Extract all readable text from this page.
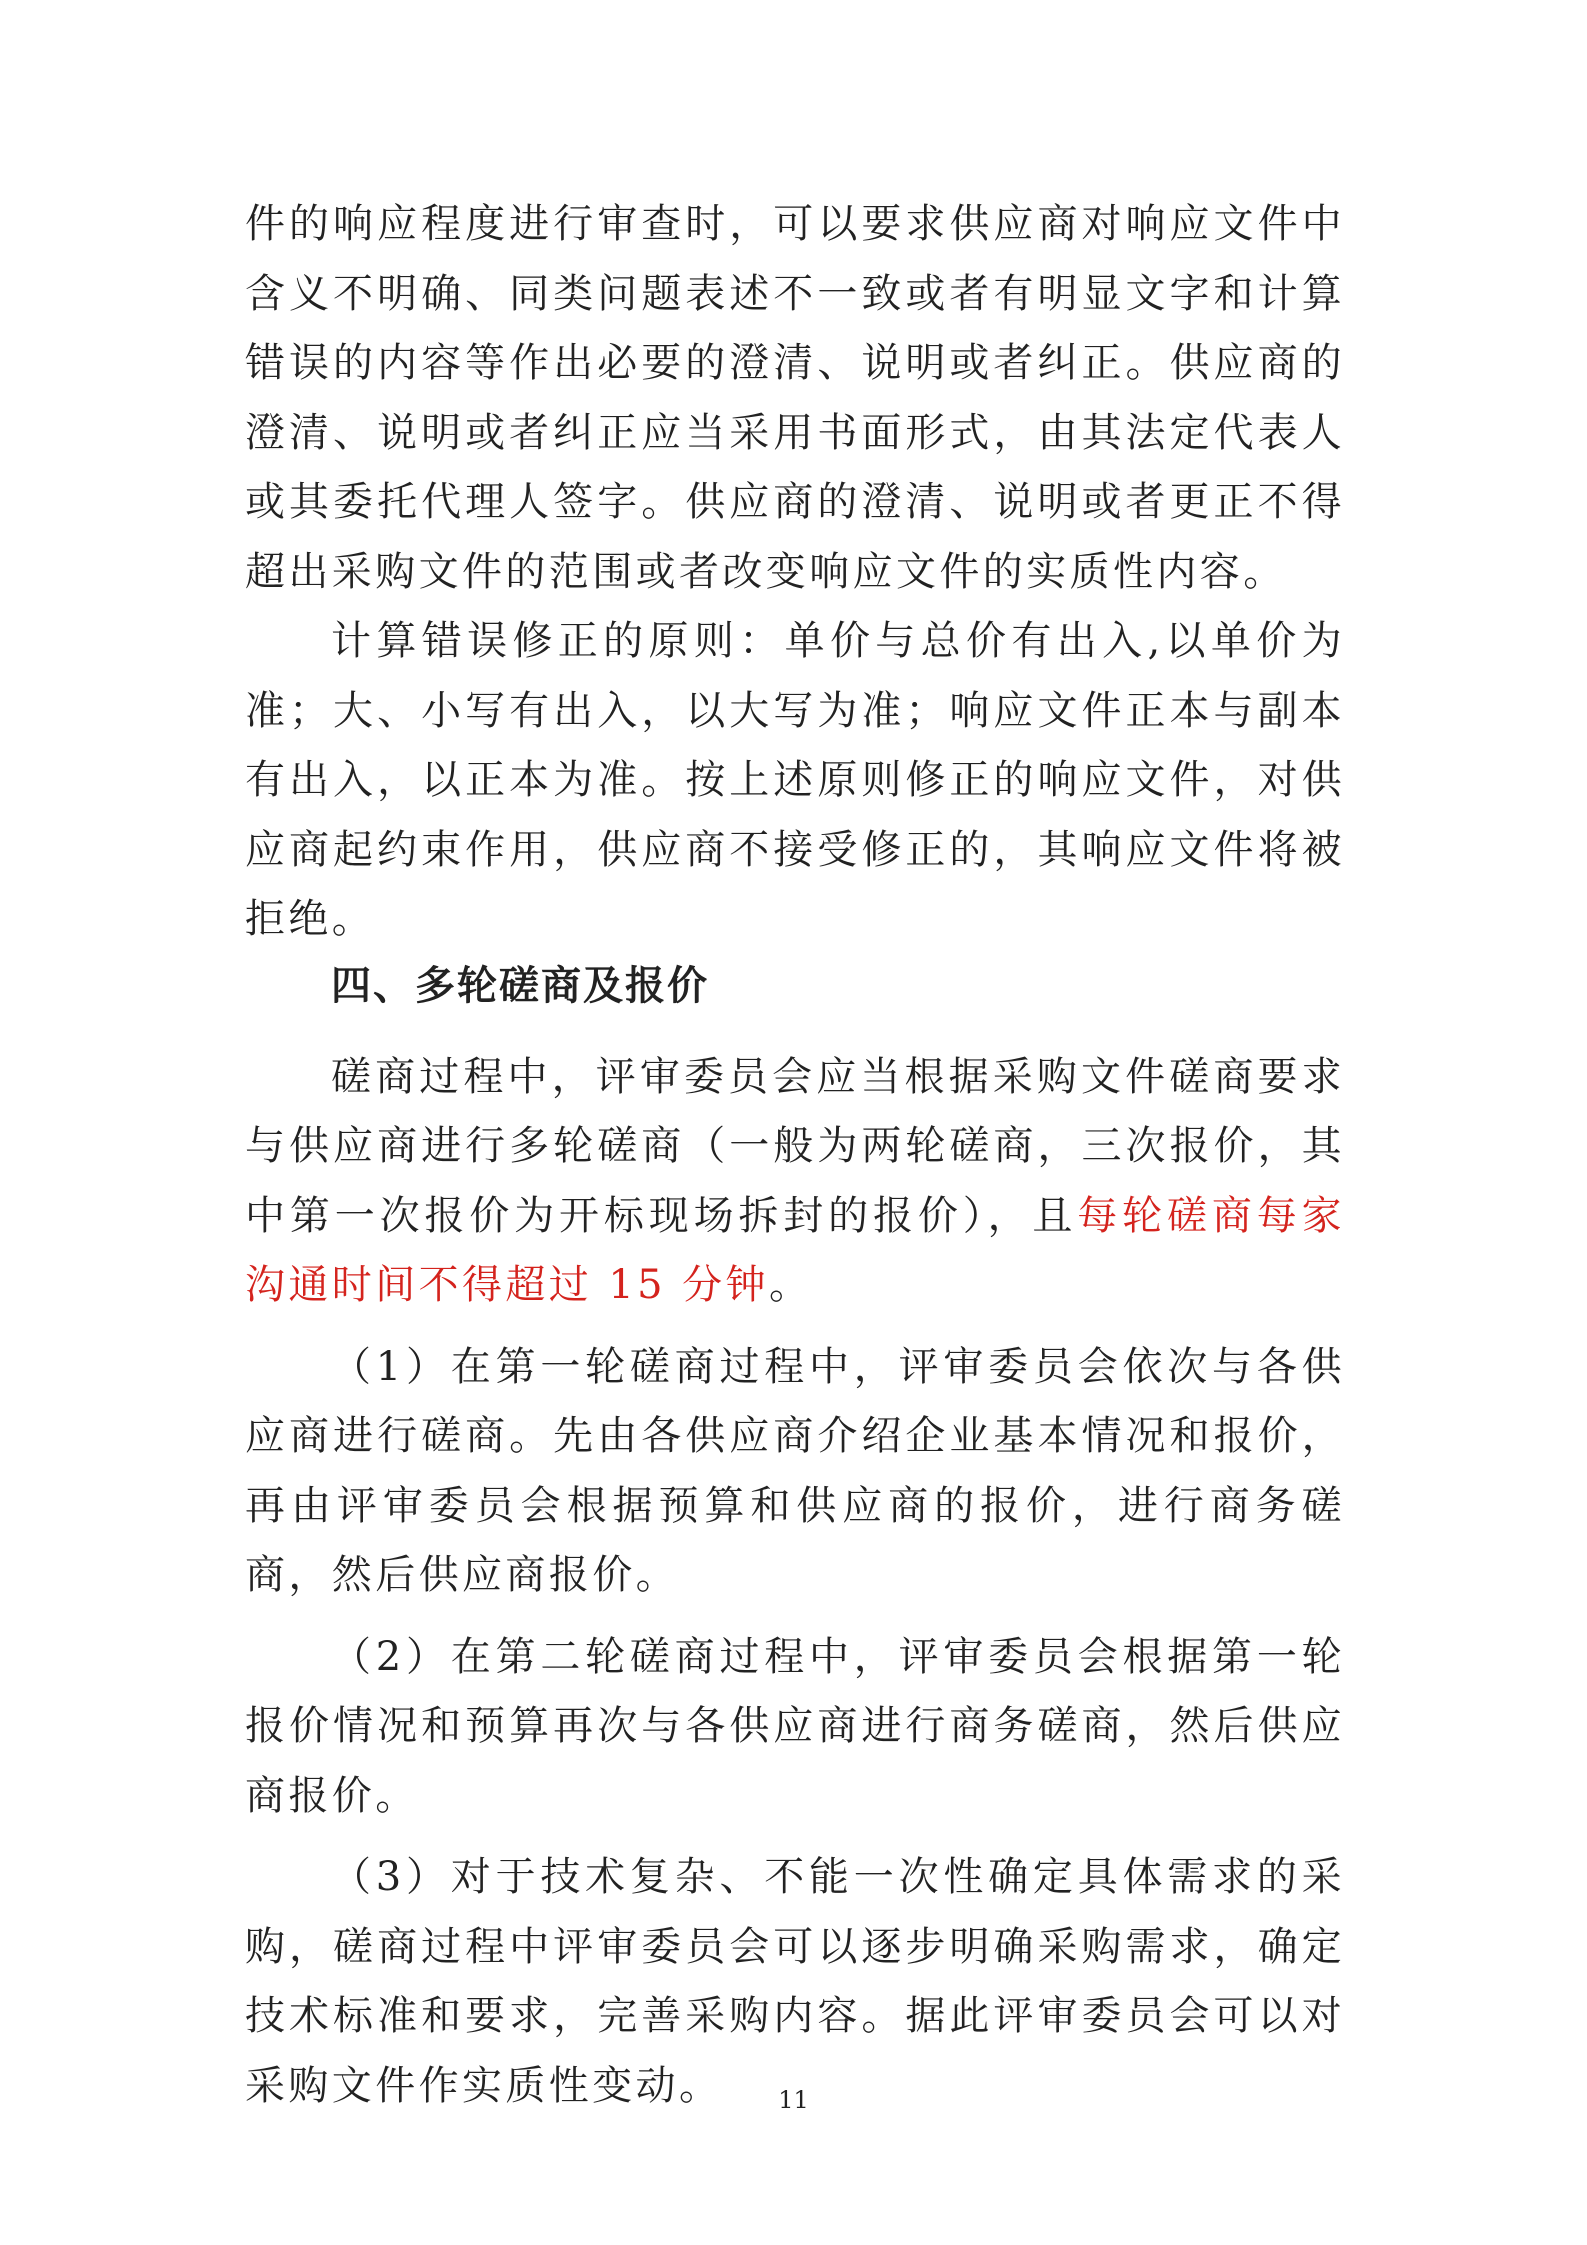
件的响应程度进行审查时，可以要求供应商对响应文件中含义不明确、同类问题表述不一致或者有明显文字和计算错误的内容等作出必要的澄清、说明或者纠正。供应商的澄清、说明或者纠正应当采用书面形式，由其法定代表人或其委托代理人签字。供应商的澄清、说明或者更正不得超出采购文件的范围或者改变响应文件的实质性内容。

计算错误修正的原则：单价与总价有出入,以单价为准；大、小写有出入，以大写为准；响应文件正本与副本有出入，以正本为准。按上述原则修正的响应文件，对供应商起约束作用，供应商不接受修正的，其响应文件将被拒绝。

四、多轮磋商及报价

磋商过程中，评审委员会应当根据采购文件磋商要求与供应商进行多轮磋商（一般为两轮磋商，三次报价，其中第一次报价为开标现场拆封的报价），且每轮磋商每家沟通时间不得超过 15 分钟。

（1）在第一轮磋商过程中，评审委员会依次与各供应商进行磋商。先由各供应商介绍企业基本情况和报价，再由评审委员会根据预算和供应商的报价，进行商务磋商，然后供应商报价。

（2）在第二轮磋商过程中，评审委员会根据第一轮报价情况和预算再次与各供应商进行商务磋商，然后供应商报价。

（3）对于技术复杂、不能一次性确定具体需求的采购，磋商过程中评审委员会可以逐步明确采购需求，确定技术标准和要求，完善采购内容。据此评审委员会可以对采购文件作实质性变动。	11
